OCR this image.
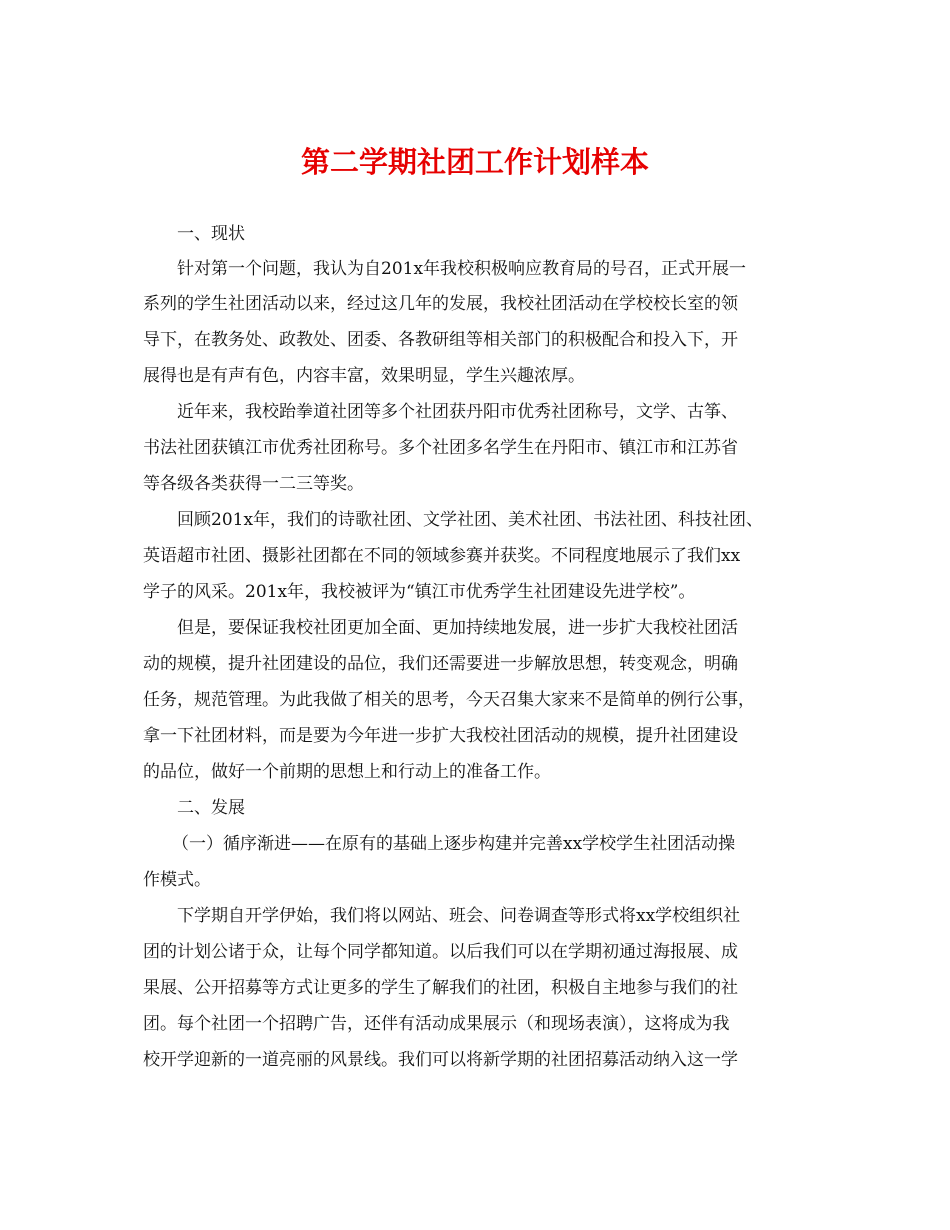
第二学期社团工作计划样本

一、现状

针对第一个问题，我认为自201x年我校积极响应教育局的号召，正式开展一

系列的学生社团活动以来，经过这几年的发展，我校社团活动在学校校长室的领

导下，在教务处、政教处、团委、各教研组等相关部门的积极配合和投入下，开

展得也是有声有色，内容丰富，效果明显，学生兴趣浓厚。

近年来，我校跆拳道社团等多个社团获丹阳市优秀社团称号，文学、古筝、

书法社团获镇江市优秀社团称号。多个社团多名学生在丹阳市、镇江市和江苏省

等各级各类获得一二三等奖。

回顾201x年，我们的诗歌社团、文学社团、美术社团、书法社团、科技社团、

英语超市社团、摄影社团都在不同的领域参赛并获奖。不同程度地展示了我们xx

学子的风采。201x年，我校被评为“镇江市优秀学生社团建设先进学校”。

但是，要保证我校社团更加全面、更加持续地发展，进一步扩大我校社团活

动的规模，提升社团建设的品位，我们还需要进一步解放思想，转变观念，明确

任务，规范管理。为此我做了相关的思考，今天召集大家来不是简单的例行公事，

拿一下社团材料，而是要为今年进一步扩大我校社团活动的规模，提升社团建设

的品位，做好一个前期的思想上和行动上的准备工作。

二、发展

（一）循序渐进——在原有的基础上逐步构建并完善xx学校学生社团活动操

作模式。

下学期自开学伊始，我们将以网站、班会、问卷调查等形式将xx学校组织社

团的计划公诸于众，让每个同学都知道。以后我们可以在学期初通过海报展、成

果展、公开招募等方式让更多的学生了解我们的社团，积极自主地参与我们的社

团。每个社团一个招聘广告，还伴有活动成果展示（和现场表演），这将成为我

校开学迎新的一道亮丽的风景线。我们可以将新学期的社团招募活动纳入这一学
